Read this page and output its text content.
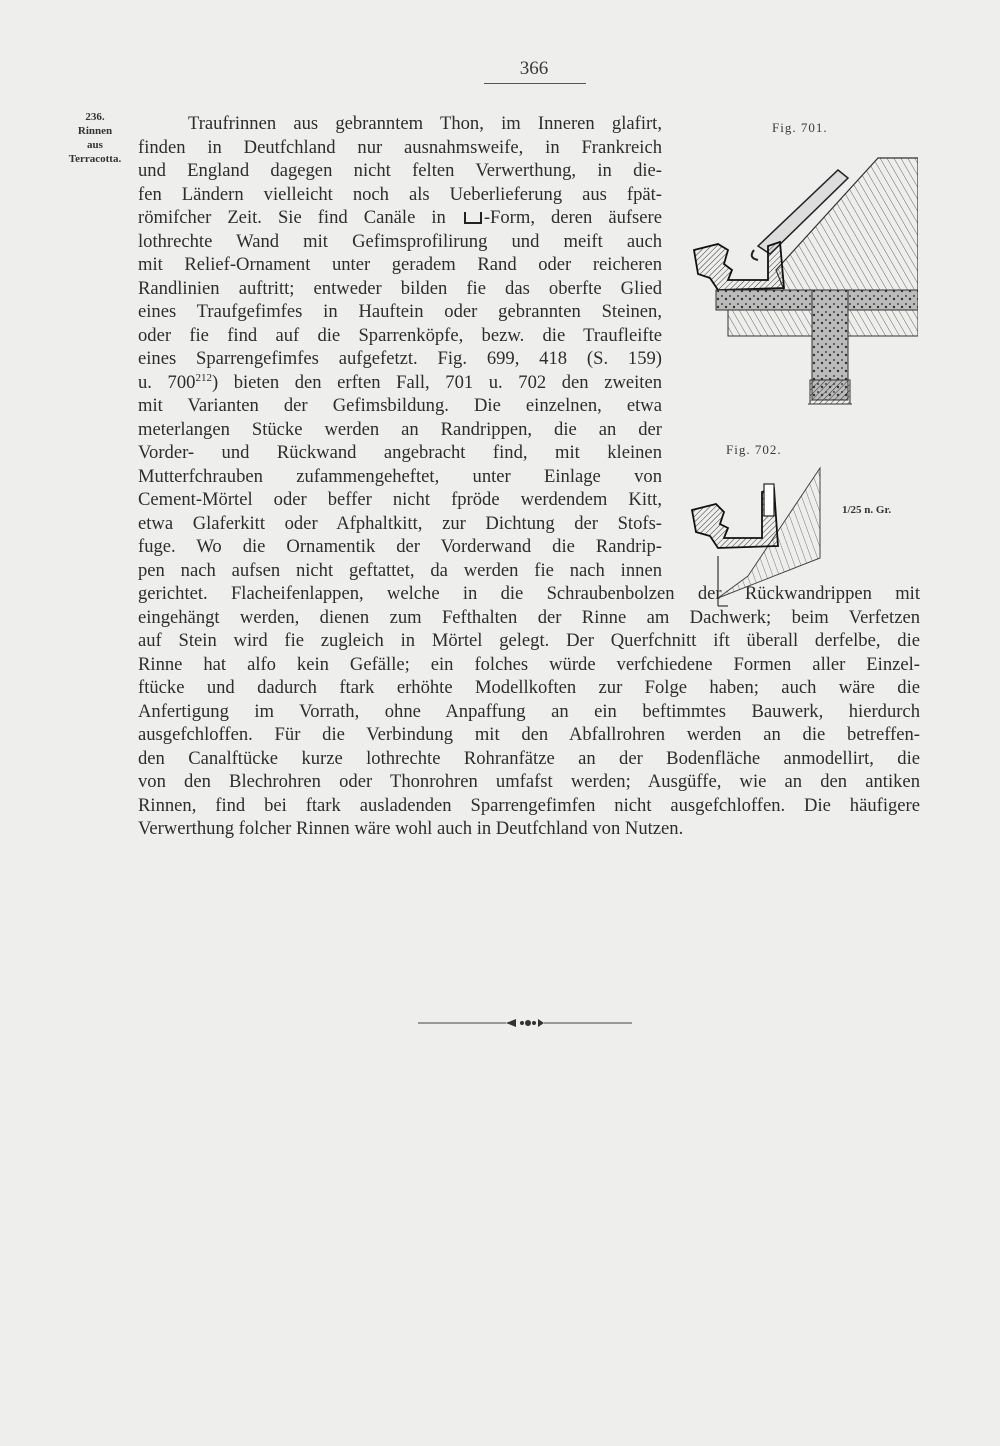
366
236.
Rinnen
aus
Terracotta.
Traufrinnen aus gebranntem Thon, im Inneren glafirt,
finden in Deutfchland nur ausnahmsweife, in Frankreich
und England dagegen nicht felten Verwerthung, in die-
fen Ländern vielleicht noch als Ueberlieferung aus fpät-
römifcher Zeit. Sie find Canäle in -Form, deren äufsere
lothrechte Wand mit Gefimsprofilirung und meift auch
mit Relief-Ornament unter geradem Rand oder reicheren
Randlinien auftritt; entweder bilden fie das oberfte Glied
eines Traufgefimfes in Hauftein oder gebrannten Steinen,
oder fie find auf die Sparrenköpfe, bezw. die Traufleifte
eines Sparrengefimfes aufgefetzt. Fig. 699, 418 (S. 159)
u. $700^{212}$) bieten den erften Fall, 701 u. 702 den zweiten
mit Varianten der Gefimsbildung. Die einzelnen, etwa
meterlangen Stücke werden an Randrippen, die an der
Vorder- und Rückwand angebracht find, mit kleinen
Mutterfchrauben zufammengeheftet, unter Einlage von
Cement-Mörtel oder beffer nicht fpröde werdendem Kitt,
etwa Glaferkitt oder Afphaltkitt, zur Dichtung der Stofs-
fuge. Wo die Ornamentik der Vorderwand die Randrip-
pen nach aufsen nicht geftattet, da werden fie nach innen
gerichtet. Flacheifenlappen, welche in die Schraubenbolzen der Rückwandrippen mit
eingehängt werden, dienen zum Fefthalten der Rinne am Dachwerk; beim Verfetzen
auf Stein wird fie zugleich in Mörtel gelegt. Der Querfchnitt ift überall derfelbe, die
Rinne hat alfo kein Gefälle; ein folches würde verfchiedene Formen aller Einzel-
ftücke und dadurch ftark erhöhte Modellkoften zur Folge haben; auch wäre die
Anfertigung im Vorrath, ohne Anpaffung an ein beftimmtes Bauwerk, hierdurch
ausgefchloffen. Für die Verbindung mit den Abfallrohren werden an die betreffen-
den Canalftücke kurze lothrechte Rohranfätze an der Bodenfläche anmodellirt, die
von den Blechrohren oder Thonrohren umfafst werden; Ausgüffe, wie an den antiken
Rinnen, find bei ftark ausladenden Sparrengefimfen nicht ausgefchloffen. Die häufigere
Verwerthung folcher Rinnen wäre wohl auch in Deutfchland von Nutzen.
Fig. 701.
Fig. 702.
1/25 n. Gr.
